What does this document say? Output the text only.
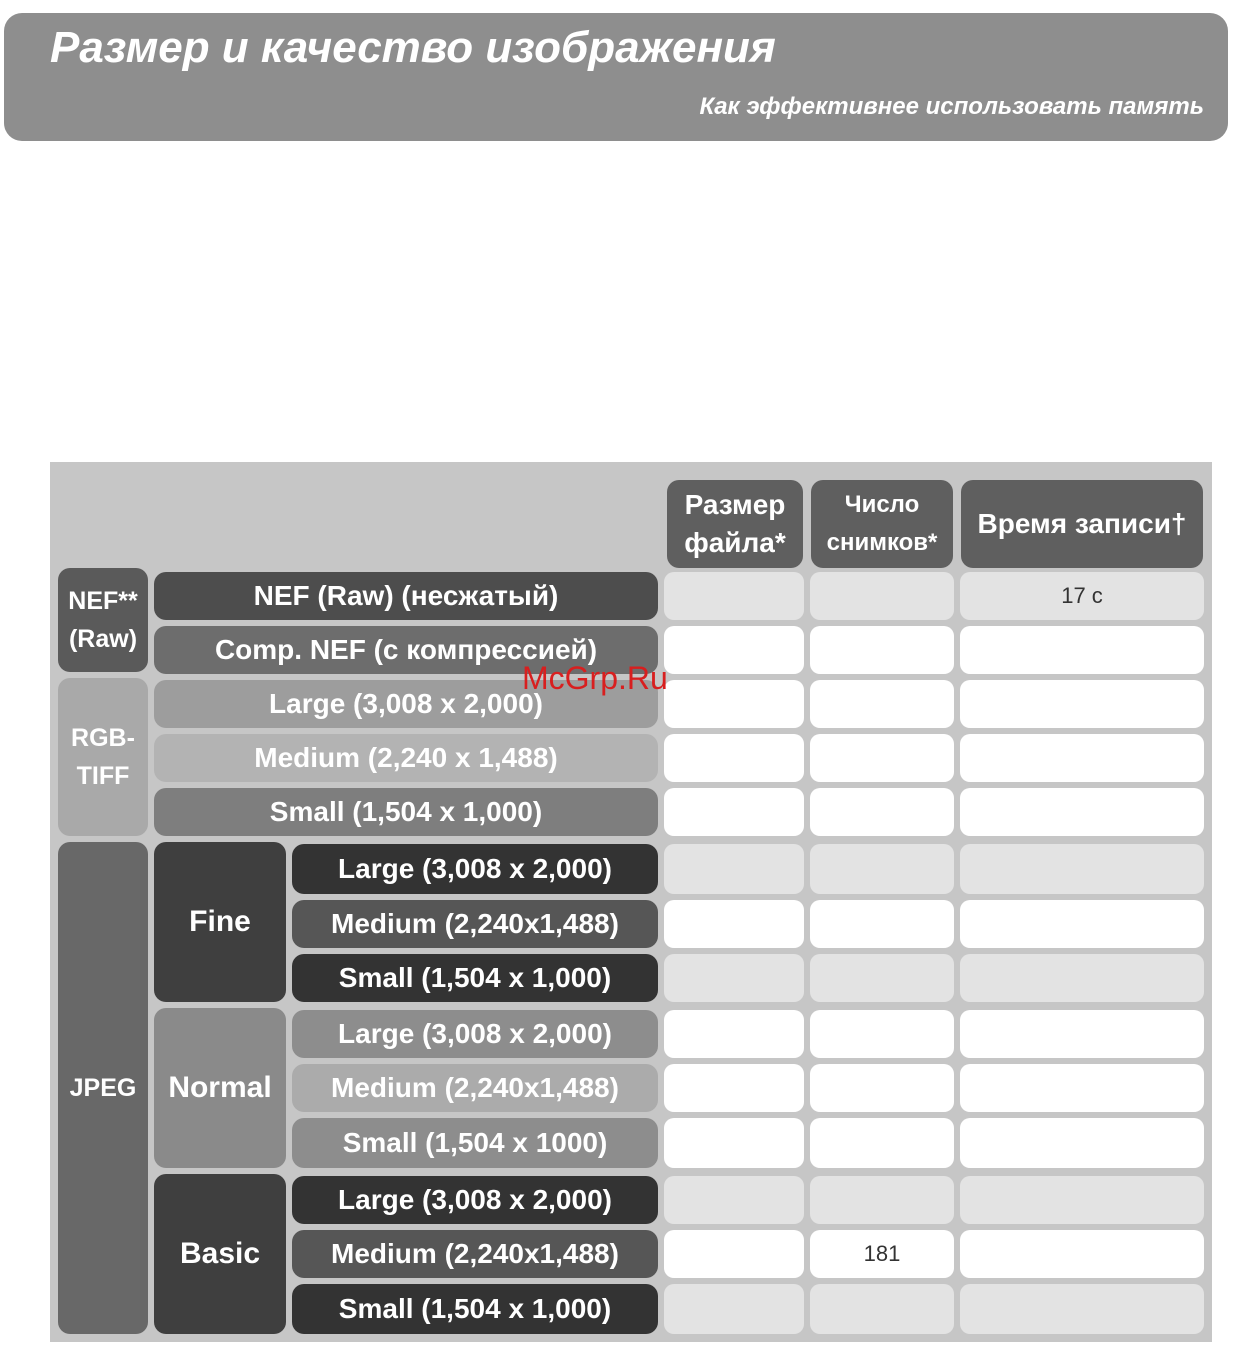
Размер и качество изображения
Как эффективнее использовать память
Размер файла*
Число снимков*
Время записи†
NEF** (Raw)
RGB- TIFF
JPEG
Fine
Normal
Basic
NEF (Raw) (несжатый)
Comp. NEF (с компрессией)
Large (3,008 x 2,000)
Medium (2,240 x 1,488)
Small (1,504 x 1,000)
Large (3,008 x 2,000)
Medium (2,240x1,488)
Small (1,504 x 1,000)
Large (3,008 x 2,000)
Medium (2,240x1,488)
Small (1,504 x 1000)
Large (3,008 x 2,000)
Medium (2,240x1,488)
Small (1,504 x 1,000)
17 с
181
McGrp.Ru
